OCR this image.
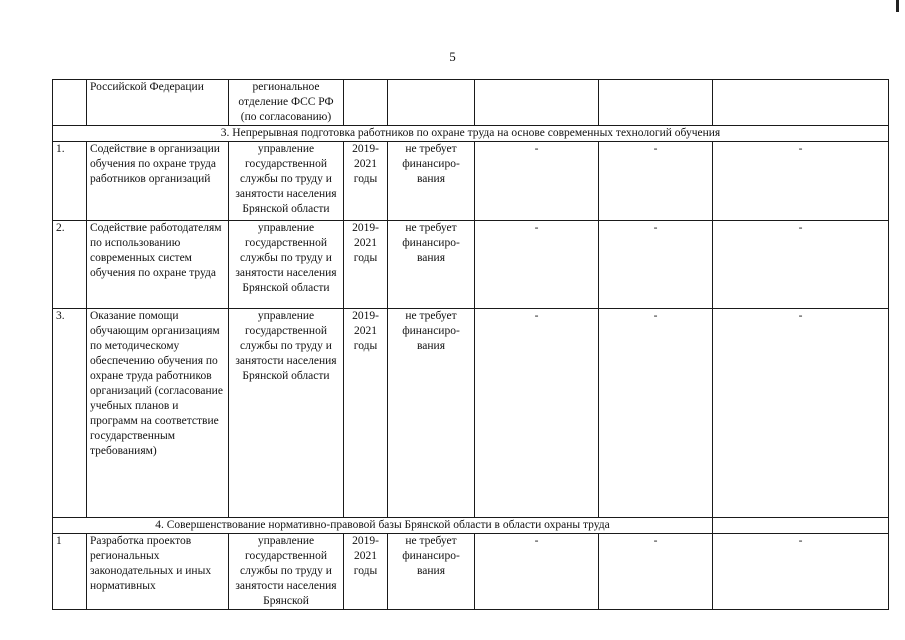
5
	Российской Федерации	региональное отделение ФСС РФ (по согласованию)					
3. Непрерывная подготовка работников по охране труда на основе современных технологий обучения							
1.	Содействие в организации обучения по охране труда работников организаций	управление государственной службы по труду и занятости населения Брянской области	2019-2021 годы	не требует финансиро-вания	-	-	-
2.	Содействие работодателям по использованию современных систем обучения по охране труда	управление государственной службы по труду и занятости населения Брянской области	2019-2021 годы	не требует финансиро-вания	-	-	-
3.	Оказание помощи обучающим организациям по методическому обеспечению обучения по охране труда работников организаций (согласование учебных планов и программ на соответствие государственным требованиям)	управление государственной службы по труду и занятости населения Брянской области	2019-2021 годы	не требует финансиро-вания	-	-	-
4. Совершенствование нормативно-правовой базы Брянской области в области охраны труда							
1	Разработка проектов региональных законодательных и иных нормативных	управление государственной службы по труду и занятости населения Брянской	2019-2021 годы	не требует финансиро-вания	-	-	-
